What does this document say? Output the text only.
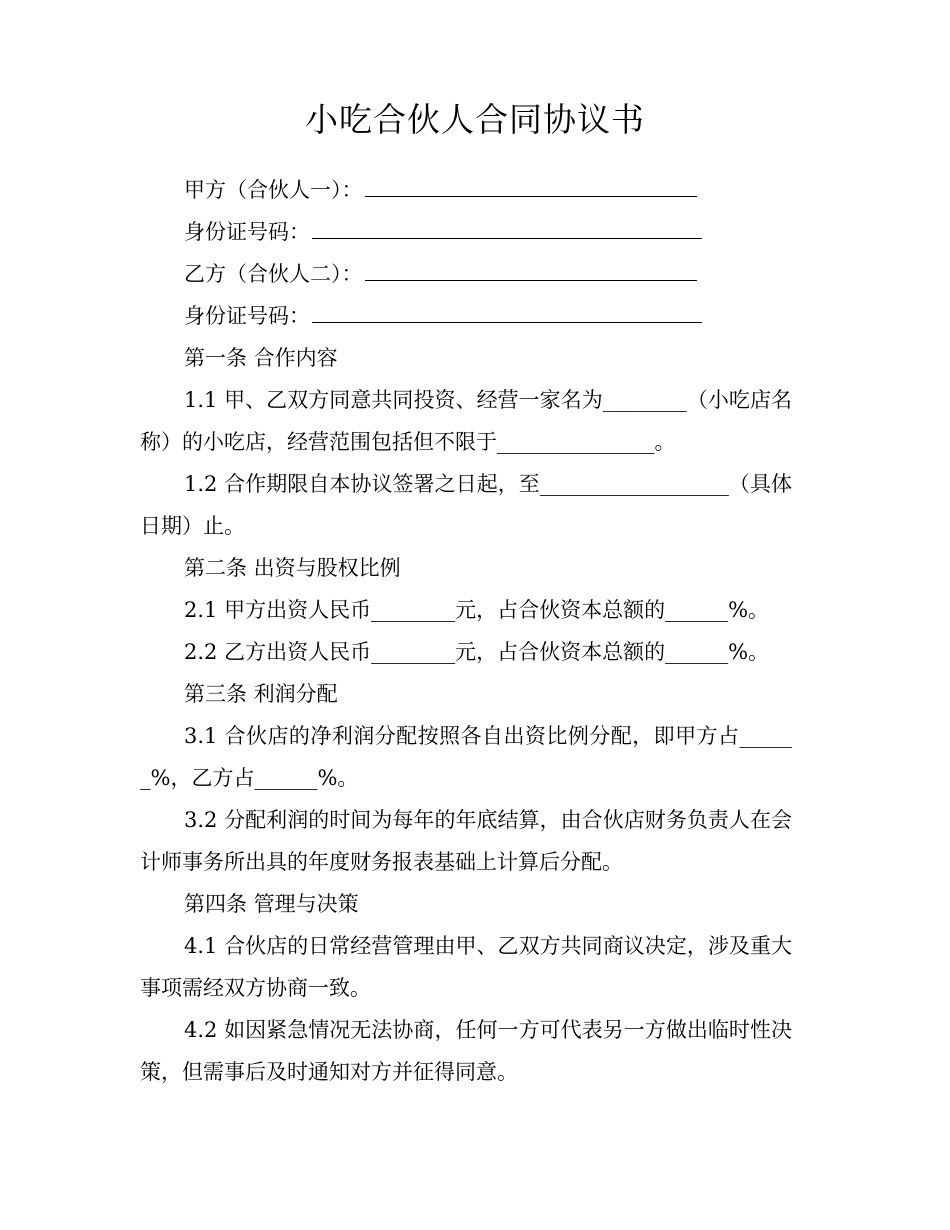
小吃合伙人合同协议书

甲方（合伙人一）：

身份证号码：

乙方（合伙人二）：

身份证号码：

第一条 合作内容

1.1 甲、乙双方同意共同投资、经营一家名为________（小吃店名称）的小吃店，经营范围包括但不限于_______________。

1.2 合作期限自本协议签署之日起，至__________________（具体日期）止。

第二条 出资与股权比例

2.1 甲方出资人民币________元，占合伙资本总额的______%。

2.2 乙方出资人民币________元，占合伙资本总额的______%。

第三条 利润分配

3.1 合伙店的净利润分配按照各自出资比例分配，即甲方占______%，乙方占______%。

3.2 分配利润的时间为每年的年底结算，由合伙店财务负责人在会计师事务所出具的年度财务报表基础上计算后分配。

第四条 管理与决策

4.1 合伙店的日常经营管理由甲、乙双方共同商议决定，涉及重大事项需经双方协商一致。

4.2 如因紧急情况无法协商，任何一方可代表另一方做出临时性决策，但需事后及时通知对方并征得同意。
